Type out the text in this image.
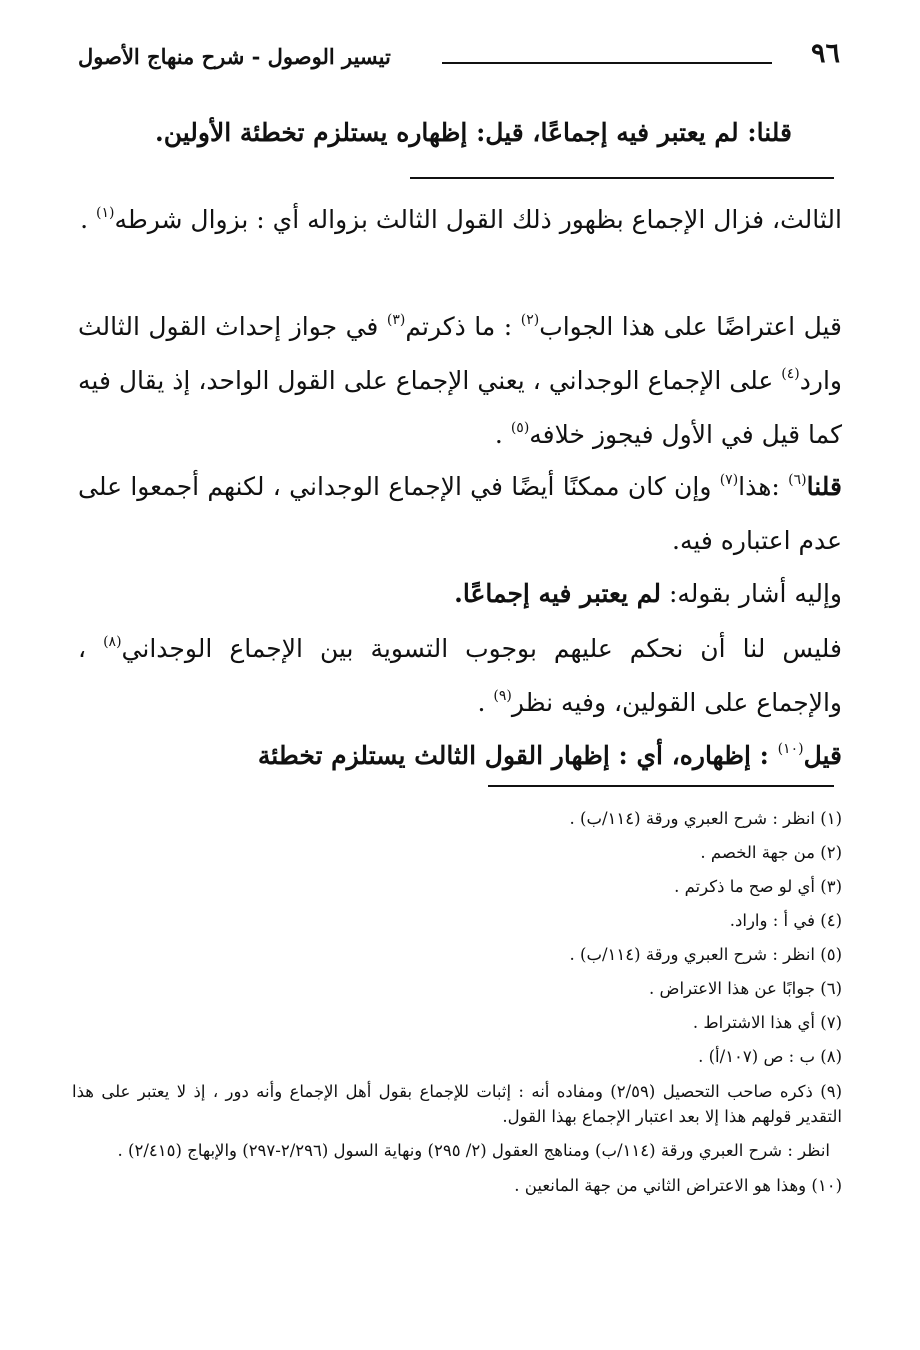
٩٦
تيسير الوصول - شرح منهاج الأصول
قلنا: لم يعتبر فيه إجماعًا، قيل: إظهاره يستلزم تخطئة الأولين.
الثالث، فزال الإجماع بظهور ذلك القول الثالث بزواله أي : بزوال شرطه$^{(١)}$ .
قيل اعتراضًا على هذا الجواب$^{(٢)}$ : ما ذكرتم$^{(٣)}$ في جواز إحداث القول الثالث وارد$^{(٤)}$ على الإجماع الوجداني ، يعني الإجماع على القول الواحد، إذ يقال فيه كما قيل في الأول فيجوز خلافه$^{(٥)}$ .
قلنا$^{(٦)}$ :هذا$^{(٧)}$ وإن كان ممكنًا أيضًا في الإجماع الوجداني ، لكنهم أجمعوا على عدم اعتباره فيه.
وإليه أشار بقوله: لم يعتبر فيه إجماعًا.
فليس لنا أن نحكم عليهم بوجوب التسوية بين الإجماع الوجداني$^{(٨)}$ ، والإجماع على القولين، وفيه نظر$^{(٩)}$ .
قيل$^{(١٠)}$ : إظهاره، أي : إظهار القول الثالث يستلزم تخطئة
(١) انظر : شرح العبري ورقة (١١٤/ب) .
(٢) من جهة الخصم .
(٣) أي لو صح ما ذكرتم .
(٤) في أ : واراد.
(٥) انظر : شرح العبري ورقة (١١٤/ب) .
(٦) جوابًا عن هذا الاعتراض .
(٧) أي هذا الاشتراط .
(٨) ب : ص (١٠٧/أ) .
(٩) ذكره صاحب التحصيل (٢/٥٩) ومفاده أنه : إثبات للإجماع بقول أهل الإجماع وأنه دور ، إذ لا يعتبر على هذا التقدير قولهم هذا إلا بعد اعتبار الإجماع بهذا القول.
انظر : شرح العبري ورقة (١١٤/ب) ومناهج العقول (٢/ ٢٩٥) ونهاية السول (٢/٢٩٦-٢٩٧) والإبهاج (٢/٤١٥) .
(١٠) وهذا هو الاعتراض الثاني من جهة المانعين .
